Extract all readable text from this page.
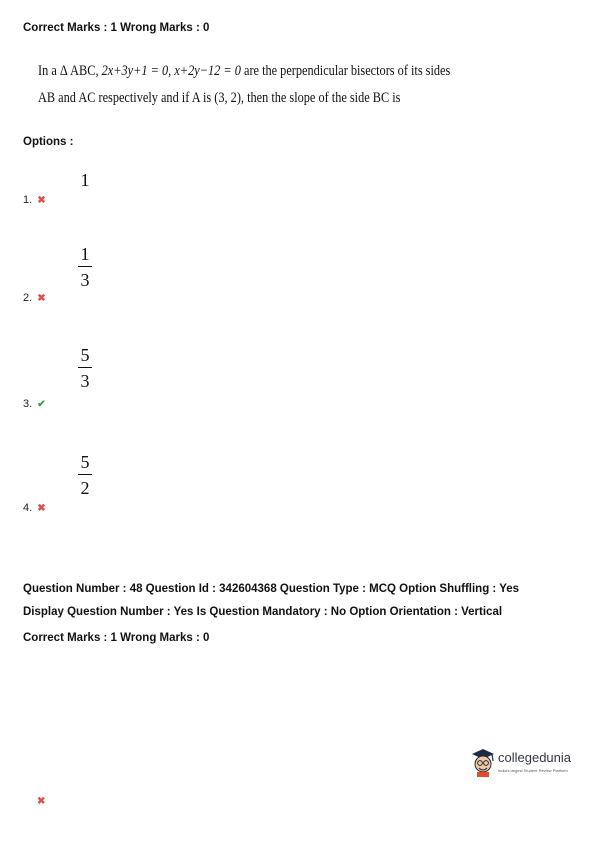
Correct Marks : 1 Wrong Marks : 0
In a Δ ABC, 2x+3y+1 = 0, x+2y−12 = 0 are the perpendicular bisectors of its sides
AB and AC respectively and if A is (3, 2), then the slope of the side BC is
Options :
1
1. ✖
1
3
2. ✖
5
3
3. ✔
5
2
4. ✖
Question Number : 48 Question Id : 342604368 Question Type : MCQ Option Shuffling : Yes
Display Question Number : Yes Is Question Mandatory : No Option Orientation : Vertical
Correct Marks : 1 Wrong Marks : 0
collegedunia
India's largest Student Review Platform
✖
